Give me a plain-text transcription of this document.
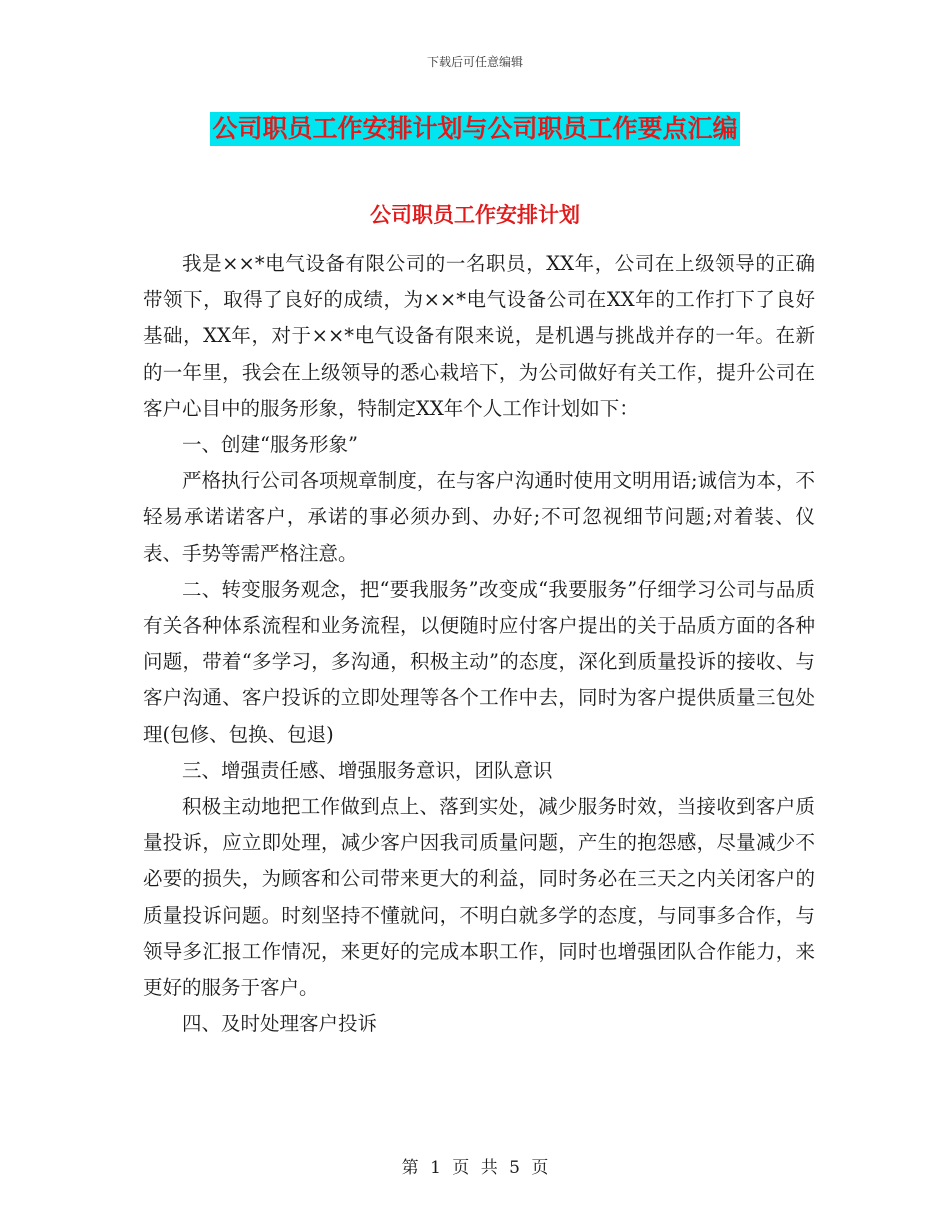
下载后可任意编辑
公司职员工作安排计划与公司职员工作要点汇编
公司职员工作安排计划

我是××*电气设备有限公司的一名职员，XX年，公司在上级领导的正确带领下，取得了良好的成绩，为××*电气设备公司在XX年的工作打下了良好基础，XX年，对于××*电气设备有限来说，是机遇与挑战并存的一年。在新的一年里，我会在上级领导的悉心栽培下，为公司做好有关工作，提升公司在客户心目中的服务形象，特制定XX年个人工作计划如下：

一、创建“服务形象”

严格执行公司各项规章制度，在与客户沟通时使用文明用语;诚信为本，不轻易承诺诺客户，承诺的事必须办到、办好;不可忽视细节问题;对着装、仪表、手势等需严格注意。

二、转变服务观念，把“要我服务”改变成“我要服务”仔细学习公司与品质有关各种体系流程和业务流程，以便随时应付客户提出的关于品质方面的各种问题，带着“多学习，多沟通，积极主动”的态度，深化到质量投诉的接收、与客户沟通、客户投诉的立即处理等各个工作中去，同时为客户提供质量三包处理(包修、包换、包退)

三、增强责任感、增强服务意识，团队意识

积极主动地把工作做到点上、落到实处，减少服务时效，当接收到客户质量投诉，应立即处理，减少客户因我司质量问题，产生的抱怨感，尽量减少不必要的损失，为顾客和公司带来更大的利益，同时务必在三天之内关闭客户的质量投诉问题。时刻坚持不懂就问，不明白就多学的态度，与同事多合作，与领导多汇报工作情况，来更好的完成本职工作，同时也增强团队合作能力，来更好的服务于客户。

四、及时处理客户投诉

第 1 页 共 5 页
